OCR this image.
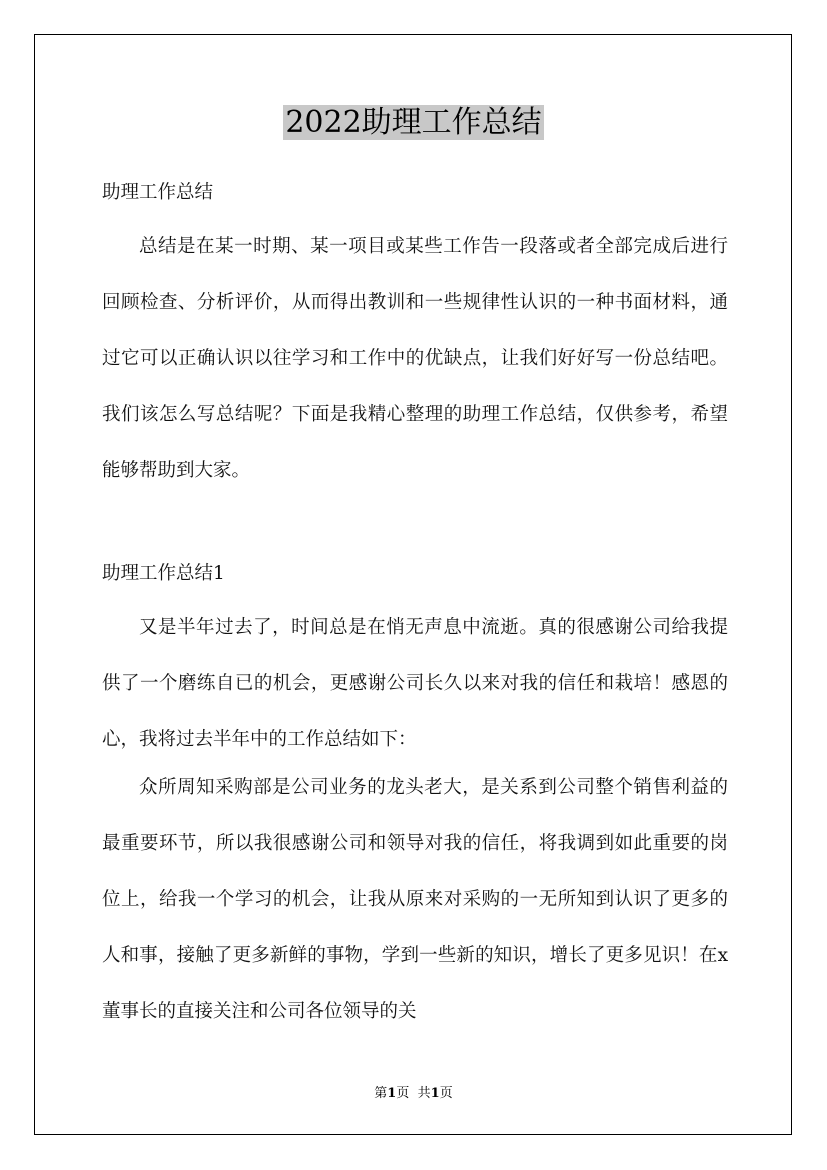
2022助理工作总结
助理工作总结
总结是在某一时期、某一项目或某些工作告一段落或者全部完成后进行回顾检查、分析评价，从而得出教训和一些规律性认识的一种书面材料，通过它可以正确认识以往学习和工作中的优缺点，让我们好好写一份总结吧。我们该怎么写总结呢？下面是我精心整理的助理工作总结，仅供参考，希望能够帮助到大家。
助理工作总结1
又是半年过去了，时间总是在悄无声息中流逝。真的很感谢公司给我提供了一个磨练自已的机会，更感谢公司长久以来对我的信任和栽培！感恩的心，我将过去半年中的工作总结如下：
众所周知采购部是公司业务的龙头老大，是关系到公司整个销售利益的最重要环节，所以我很感谢公司和领导对我的信任，将我调到如此重要的岗位上，给我一个学习的机会，让我从原来对采购的一无所知到认识了更多的人和事，接触了更多新鲜的事物，学到一些新的知识，增长了更多见识！在x董事长的直接关注和公司各位领导的关
第1页 共1页
